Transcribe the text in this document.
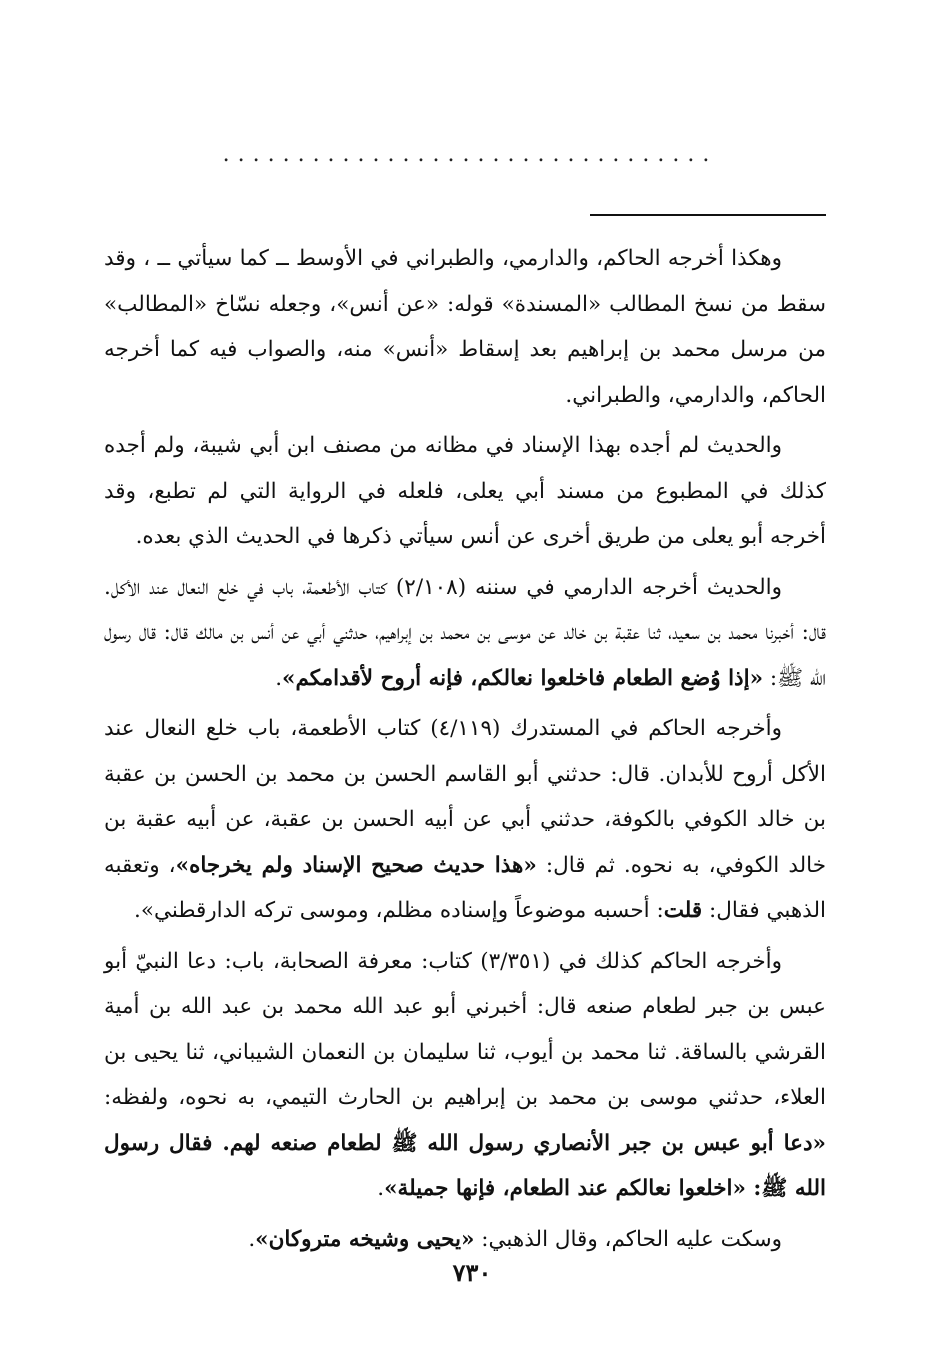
.................................

وهكذا أخرجه الحاكم، والدارمي، والطبراني في الأوسط ــ كما سيأتي ــ ، وقد سقط من نسخ المطالب «المسندة» قوله: «عن أنس»، وجعله نسّاخ «المطالب» من مرسل محمد بن إبراهيم بعد إسقاط «أنس» منه، والصواب فيه كما أخرجه الحاكم، والدارمي، والطبراني.

والحديث لم أجده بهذا الإسناد في مظانه من مصنف ابن أبي شيبة، ولم أجده كذلك في المطبوع من مسند أبي يعلى، فلعله في الرواية التي لم تطبع، وقد أخرجه أبو يعلى من طريق أخرى عن أنس سيأتي ذكرها في الحديث الذي بعده.

والحديث أخرجه الدارمي في سننه (٢/١٠٨) كتاب الأطعمة، باب في خلع النعال عند الأكل. قال: أخبرنا محمد بن سعيد، ثنا عقبة بن خالد عن موسى بن محمد بن إبراهيم، حدثني أبي عن أنس بن مالك قال: قال رسول الله ﷺ: «إذا وُضع الطعام فاخلعوا نعالكم، فإنه أروح لأقدامكم».

وأخرجه الحاكم في المستدرك (٤/١١٩) كتاب الأطعمة، باب خلع النعال عند الأكل أروح للأبدان. قال: حدثني أبو القاسم الحسن بن محمد بن الحسن بن عقبة بن خالد الكوفي بالكوفة، حدثني أبي عن أبيه الحسن بن عقبة، عن أبيه عقبة بن خالد الكوفي، به نحوه. ثم قال: «هذا حديث صحيح الإسناد ولم يخرجاه»، وتعقبه الذهبي فقال: قلت: أحسبه موضوعاً وإسناده مظلم، وموسى تركه الدارقطني».

وأخرجه الحاكم كذلك في (٣/٣٥١) كتاب: معرفة الصحابة، باب: دعا النبيّ أبو عبس بن جبر لطعام صنعه قال: أخبرني أبو عبد الله محمد بن عبد الله بن أمية القرشي بالساقة. ثنا محمد بن أيوب، ثنا سليمان بن النعمان الشيباني، ثنا يحيى بن العلاء، حدثني موسى بن محمد بن إبراهيم بن الحارث التيمي، به نحوه، ولفظه: «دعا أبو عبس بن جبر الأنصاري رسول الله ﷺ لطعام صنعه لهم. فقال رسول الله ﷺ: «اخلعوا نعالكم عند الطعام، فإنها جميلة».

وسكت عليه الحاكم، وقال الذهبي: «يحيى وشيخه متروكان».

٧٣٠
